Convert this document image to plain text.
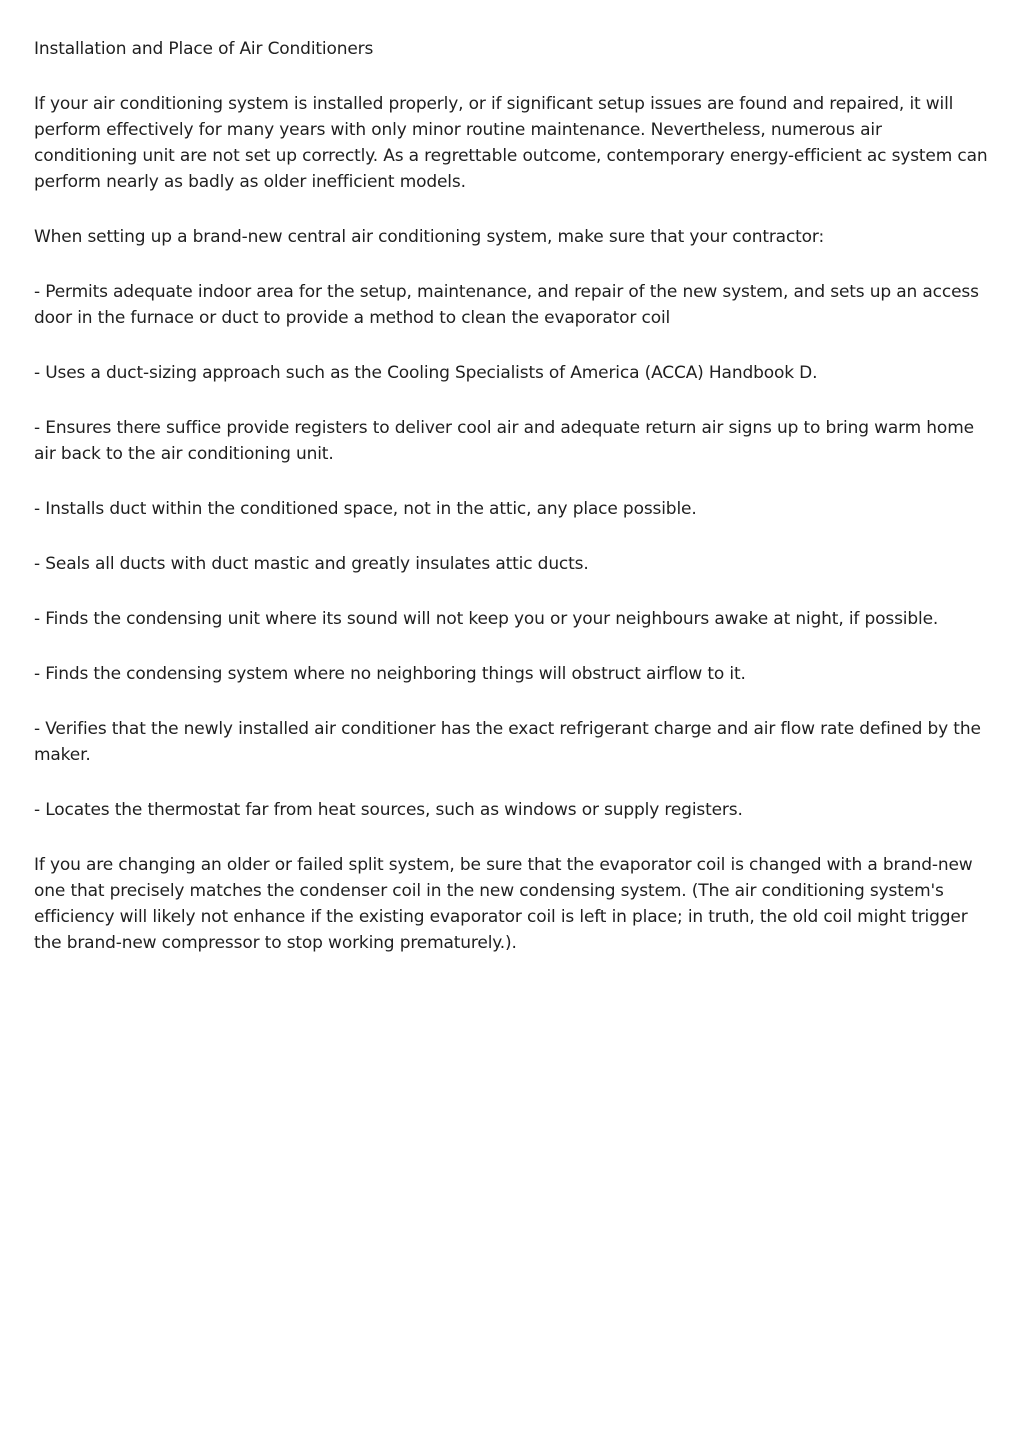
Installation and Place of Air Conditioners

If your air conditioning system is installed properly, or if significant setup issues are found and repaired, it will perform effectively for many years with only minor routine maintenance. Nevertheless, numerous air conditioning unit are not set up correctly. As a regrettable outcome, contemporary energy-efficient ac system can perform nearly as badly as older inefficient models.

When setting up a brand-new central air conditioning system, make sure that your contractor:

- Permits adequate indoor area for the setup, maintenance, and repair of the new system, and sets up an access door in the furnace or duct to provide a method to clean the evaporator coil

- Uses a duct-sizing approach such as the Cooling Specialists of America (ACCA) Handbook D.

- Ensures there suffice provide registers to deliver cool air and adequate return air signs up to bring warm home air back to the air conditioning unit.

- Installs duct within the conditioned space, not in the attic, any place possible.

- Seals all ducts with duct mastic and greatly insulates attic ducts.

- Finds the condensing unit where its sound will not keep you or your neighbours awake at night, if possible.

- Finds the condensing system where no neighboring things will obstruct airflow to it.

- Verifies that the newly installed air conditioner has the exact refrigerant charge and air flow rate defined by the maker.

- Locates the thermostat far from heat sources, such as windows or supply registers.

If you are changing an older or failed split system, be sure that the evaporator coil is changed with a brand-new one that precisely matches the condenser coil in the new condensing system. (The air conditioning system's efficiency will likely not enhance if the existing evaporator coil is left in place; in truth, the old coil might trigger the brand-new compressor to stop working prematurely.).
